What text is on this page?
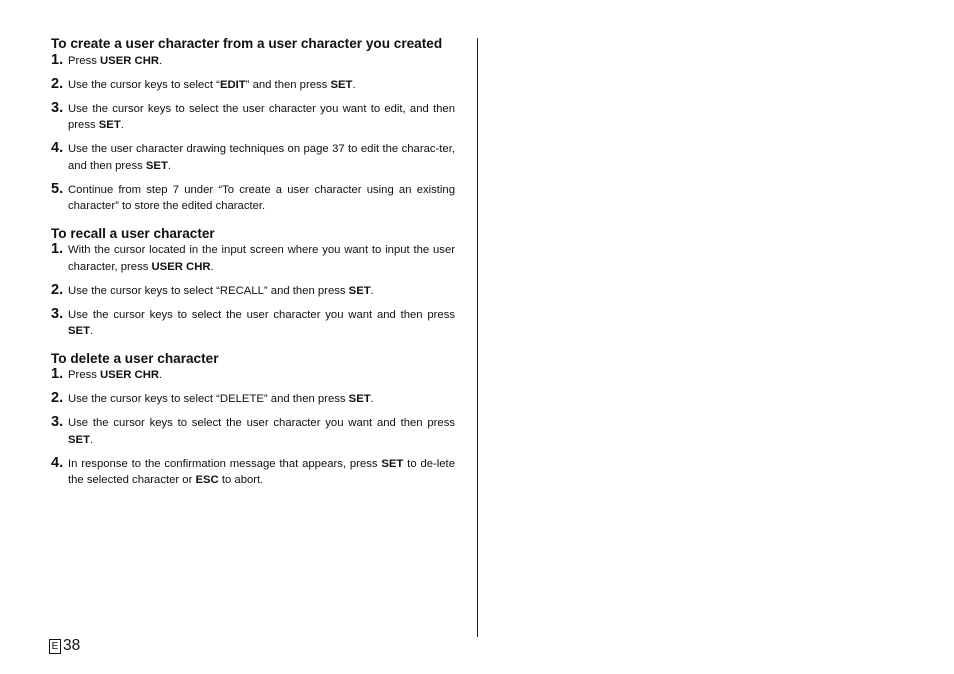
To create a user character from a user character you created
1. Press USER CHR.
2. Use the cursor keys to select “EDIT” and then press SET.
3. Use the cursor keys to select the user character you want to edit, and then press SET.
4. Use the user character drawing techniques on page 37 to edit the charac-ter, and then press SET.
5. Continue from step 7 under “To create a user character using an existing character” to store the edited character.
To recall a user character
1. With the cursor located in the input screen where you want to input the user character, press USER CHR.
2. Use the cursor keys to select “RECALL” and then press SET.
3. Use the cursor keys to select the user character you want and then press SET.
To delete a user character
1. Press USER CHR.
2. Use the cursor keys to select “DELETE” and then press SET.
3. Use the cursor keys to select the user character you want and then press SET.
4. In response to the confirmation message that appears, press SET to de-lete the selected character or ESC to abort.
E 38
